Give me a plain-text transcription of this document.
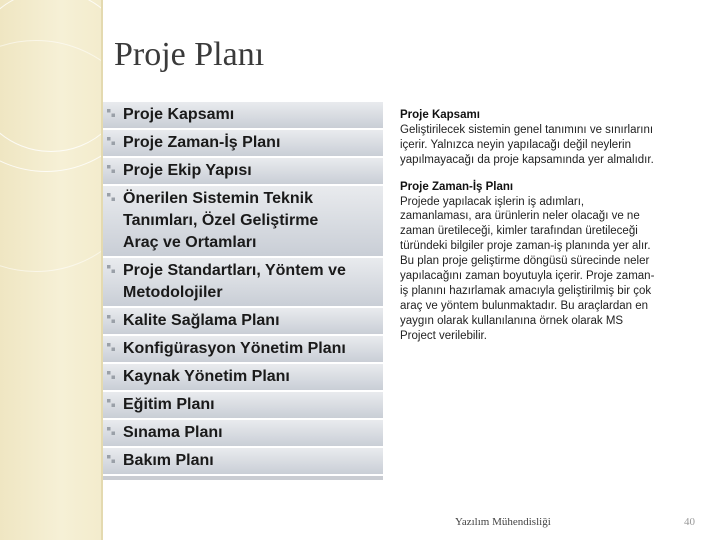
Proje Planı
Proje Kapsamı
Proje Zaman-İş Planı
Proje Ekip Yapısı
Önerilen Sistemin Teknik
Tanımları, Özel Geliştirme
Araç ve Ortamları
Proje Standartları, Yöntem ve
Metodolojiler
Kalite Sağlama Planı
Konfigürasyon Yönetim Planı
Kaynak Yönetim Planı
Eğitim Planı
Sınama Planı
Bakım Planı
Proje Kapsamı
Geliştirilecek sistemin genel tanımını ve sınırlarını
içerir. Yalnızca neyin yapılacağı değil neylerin
yapılmayacağı da proje kapsamında yer almalıdır.
Proje Zaman-İş Planı
Projede yapılacak işlerin iş adımları,
zamanlaması, ara ürünlerin neler olacağı ve ne
zaman üretileceği, kimler tarafından üretileceği
türündeki bilgiler proje zaman-iş planında yer alır.
Bu plan proje geliştirme döngüsü sürecinde neler
yapılacağını zaman boyutuyla içerir. Proje zaman-
iş planını hazırlamak amacıyla geliştirilmiş bir çok
araç ve yöntem bulunmaktadır. Bu araçlardan en
yaygın olarak kullanılanına örnek olarak MS
Project verilebilir.
Yazılım Mühendisliği	40
